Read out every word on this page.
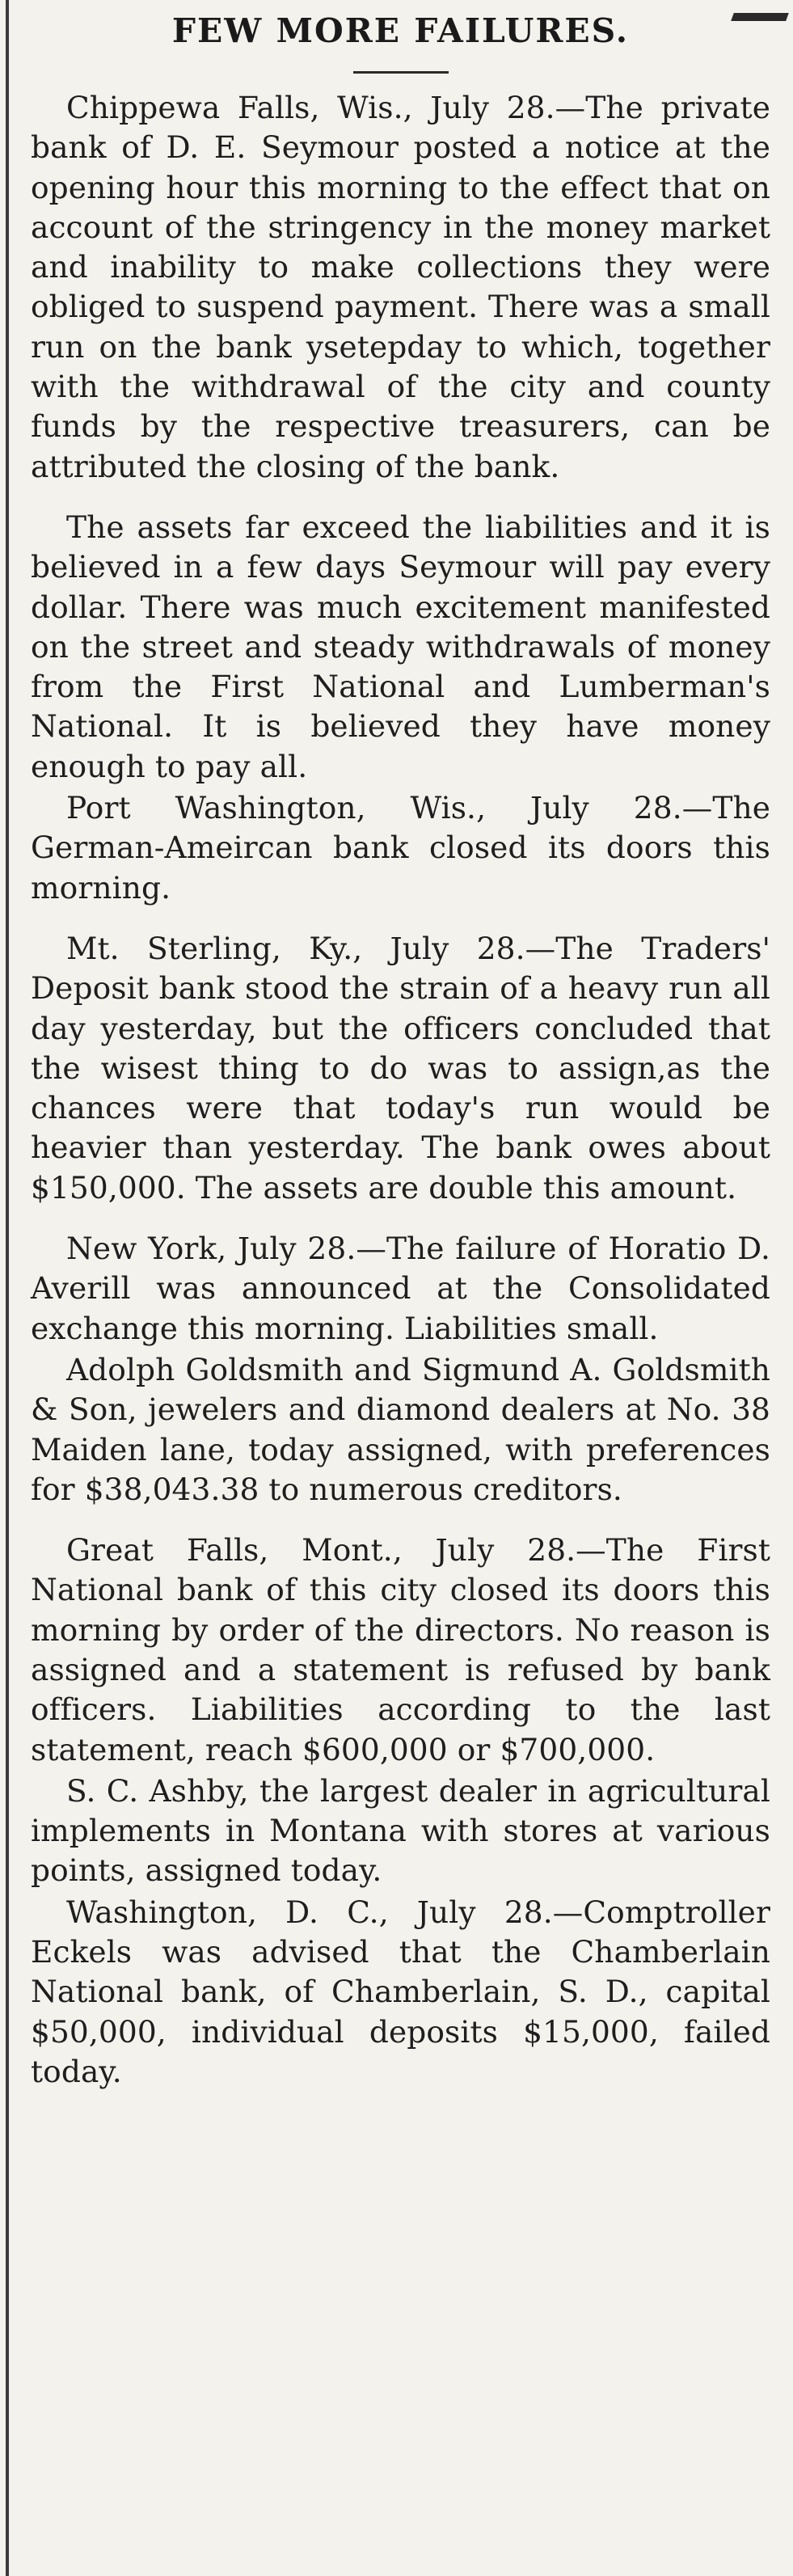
FEW MORE FAILURES.

Chippewa Falls, Wis., July 28.—The private bank of D. E. Seymour posted a notice at the opening hour this morning to the effect that on account of the stringency in the money market and inability to make collections they were obliged to suspend payment. There was a small run on the bank ysetерday to which, together with the withdrawal of the city and county funds by the respective treasurers, can be attributed the closing of the bank.

The assets far exceed the liabilities and it is believed in a few days Seymour will pay every dollar. There was much excitement manifested on the street and steady withdrawals of money from the First National and Lumberman's National. It is believed they have money enough to pay all.

Port Washington, Wis., July 28.—The German-Ameircan bank closed its doors this morning.

Mt. Sterling, Ky., July 28.—The Traders' Deposit bank stood the strain of a heavy run all day yesterday, but the officers concluded that the wisest thing to do was to assign,as the chances were that today's run would be heavier than yesterday. The bank owes about $150,000. The assets are double this amount.

New York, July 28.—The failure of Horatio D. Averill was announced at the Consolidated exchange this morning. Liabilities small.

Adolph Goldsmith and Sigmund A. Goldsmith & Son, jewelers and diamond dealers at No. 38 Maiden lane, today assigned, with preferences for $38,043.38 to numerous creditors.

Great Falls, Mont., July 28.—The First National bank of this city closed its doors this morning by order of the directors. No reason is assigned and a statement is refused by bank officers. Liabilities according to the last statement, reach $600,000 or $700,000.

S. C. Ashby, the largest dealer in agricultural implements in Montana with stores at various points, assigned today.

Washington, D. C., July 28.—Comptroller Eckels was advised that the Chamberlain National bank, of Chamberlain, S. D., capital $50,000, individual deposits $15,000, failed today.
